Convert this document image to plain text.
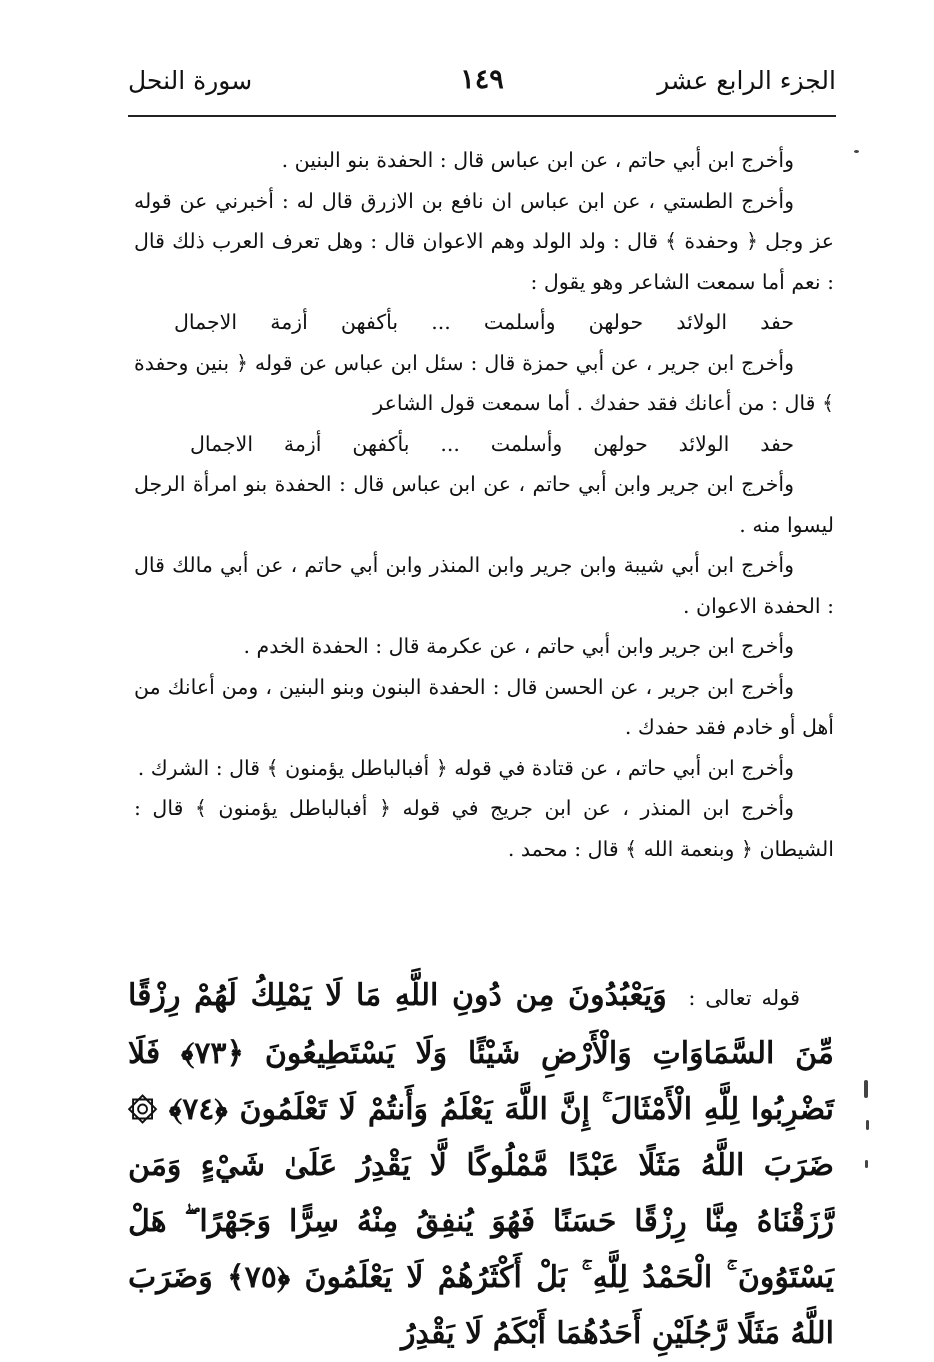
الجزء الرابع عشر
١٤٩
سورة النحل

وأخرج ابن أبي حاتم ، عن ابن عباس قال : الحفدة بنو البنين .

وأخرج الطستي ، عن ابن عباس ان نافع بن الازرق قال له : أخبرني عن قوله عز وجل ﴿ وحفدة ﴾ قال : ولد الولد وهم الاعوان قال : وهل تعرف العرب ذلك قال : نعم أما سمعت الشاعر وهو يقول :

حفد الولائد حولهن وأسلمت ... بأكفهن أزمة الاجمال

وأخرج ابن جرير ، عن أبي حمزة قال : سئل ابن عباس عن قوله ﴿ بنين وحفدة ﴾ قال : من أعانك فقد حفدك . أما سمعت قول الشاعر

حفد الولائد حولهن وأسلمت ... بأكفهن أزمة الاجمال

وأخرج ابن جرير وابن أبي حاتم ، عن ابن عباس قال : الحفدة بنو امرأة الرجل ليسوا منه .

وأخرج ابن أبي شيبة وابن جرير وابن المنذر وابن أبي حاتم ، عن أبي مالك قال : الحفدة الاعوان .

وأخرج ابن جرير وابن أبي حاتم ، عن عكرمة قال : الحفدة الخدم .

وأخرج ابن جرير ، عن الحسن قال : الحفدة البنون وبنو البنين ، ومن أعانك من أهل أو خادم فقد حفدك .

وأخرج ابن أبي حاتم ، عن قتادة في قوله ﴿ أفبالباطل يؤمنون ﴾ قال : الشرك .

وأخرج ابن المنذر ، عن ابن جريج في قوله ﴿ أفبالباطل يؤمنون ﴾ قال : الشيطان ﴿ وبنعمة الله ﴾ قال : محمد .

قوله تعالى : وَيَعْبُدُونَ مِن دُونِ اللَّهِ مَا لَا يَمْلِكُ لَهُمْ رِزْقًا مِّنَ السَّمَاوَاتِ وَالْأَرْضِ شَيْئًا وَلَا يَسْتَطِيعُونَ ﴿٧٣﴾ فَلَا تَضْرِبُوا لِلَّهِ الْأَمْثَالَ ۚ إِنَّ اللَّهَ يَعْلَمُ وَأَنتُمْ لَا تَعْلَمُونَ ﴿٧٤﴾ ۞ ضَرَبَ اللَّهُ مَثَلًا عَبْدًا مَّمْلُوكًا لَّا يَقْدِرُ عَلَىٰ شَيْءٍ وَمَن رَّزَقْنَاهُ مِنَّا رِزْقًا حَسَنًا فَهُوَ يُنفِقُ مِنْهُ سِرًّا وَجَهْرًا ۖ هَلْ يَسْتَوُونَ ۚ الْحَمْدُ لِلَّهِ ۚ بَلْ أَكْثَرُهُمْ لَا يَعْلَمُونَ ﴿٧٥﴾ وَضَرَبَ اللَّهُ مَثَلًا رَّجُلَيْنِ أَحَدُهُمَا أَبْكَمُ لَا يَقْدِرُ
